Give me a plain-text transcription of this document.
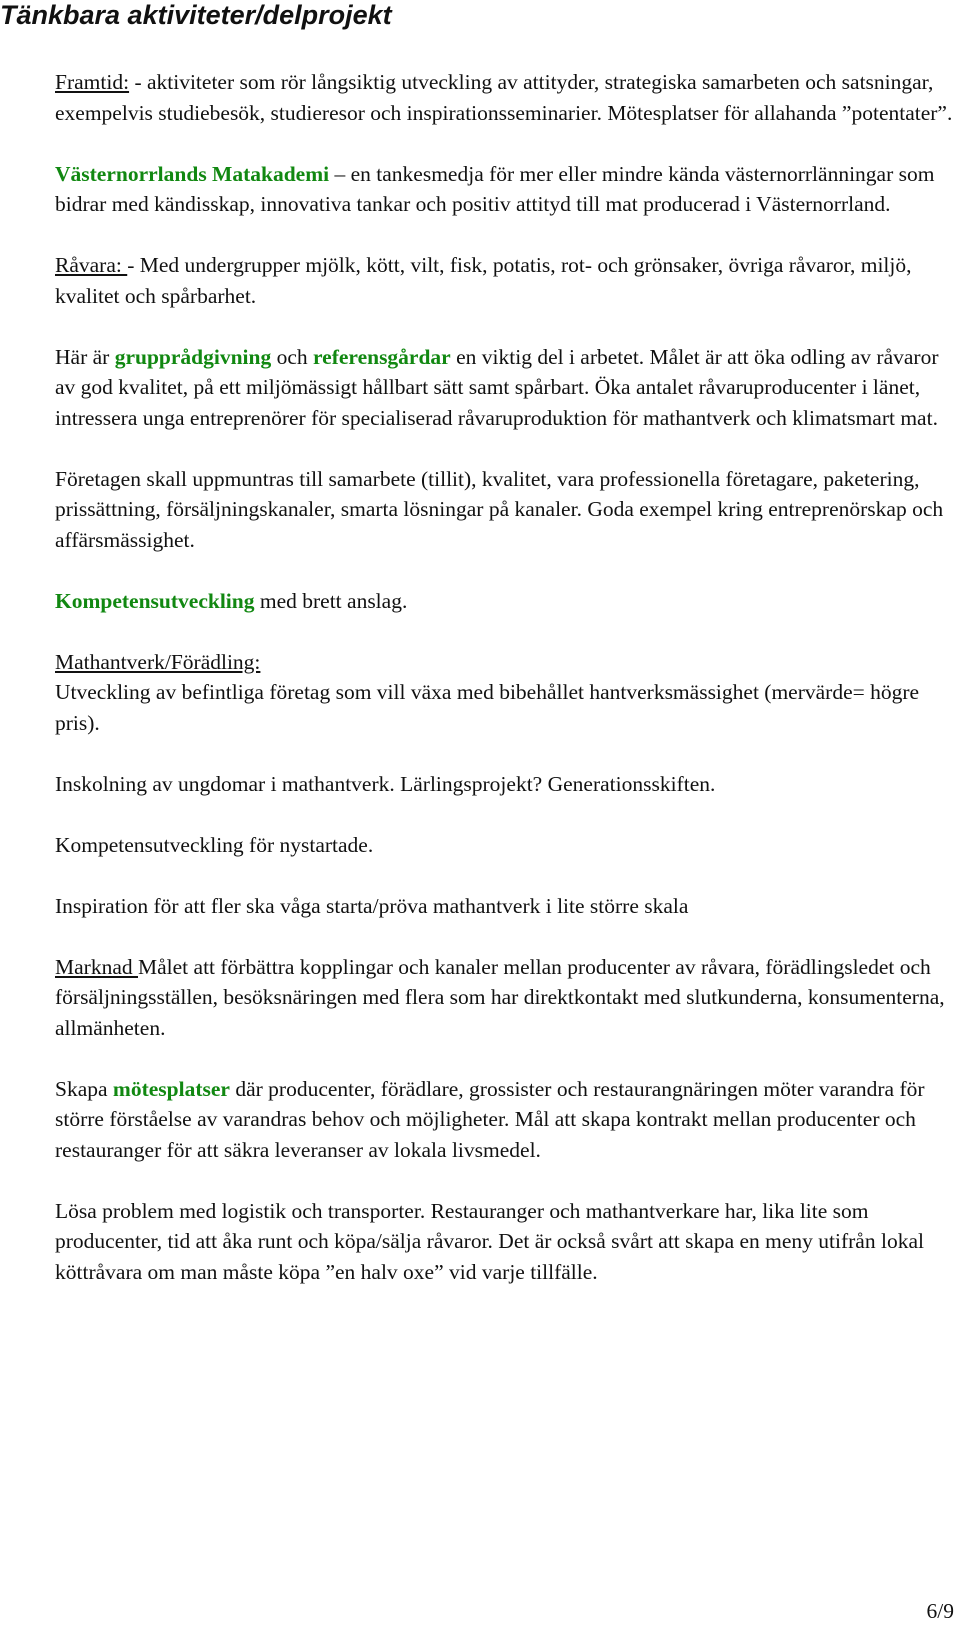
Tänkbara aktiviteter/delprojekt

Framtid: - aktiviteter som rör långsiktig utveckling av attityder, strategiska samarbeten och satsningar, exempelvis studiebesök, studieresor och inspirationsseminarier. Mötesplatser för allahanda ”potentater”.

Västernorrlands Matakademi – en tankesmedja för mer eller mindre kända västernorrlänningar som bidrar med kändisskap, innovativa tankar och positiv attityd till mat producerad i Västernorrland.

Råvara: - Med undergrupper mjölk, kött, vilt, fisk, potatis, rot- och grönsaker, övriga råvaror, miljö, kvalitet och spårbarhet.

Här är grupprådgivning och referensgårdar en viktig del i arbetet. Målet är att öka odling av råvaror av god kvalitet, på ett miljömässigt hållbart sätt samt spårbart. Öka antalet råvaruproducenter i länet, intressera unga entreprenörer för specialiserad råvaruproduktion för mathantverk och klimatsmart mat.

Företagen skall uppmuntras till samarbete (tillit), kvalitet, vara professionella företagare, paketering, prissättning, försäljningskanaler, smarta lösningar på kanaler. Goda exempel kring entreprenörskap och affärsmässighet.

Kompetensutveckling med brett anslag.

Mathantverk/Förädling:
Utveckling av befintliga företag som vill växa med bibehållet hantverksmässighet (mervärde= högre pris).

Inskolning av ungdomar i mathantverk. Lärlingsprojekt? Generationsskiften.

Kompetensutveckling för nystartade.

Inspiration för att fler ska våga starta/pröva mathantverk i lite större skala

Marknad Målet att förbättra kopplingar och kanaler mellan producenter av råvara, förädlingsledet och försäljningsställen, besöksnäringen med flera som har direktkontakt med slutkunderna, konsumenterna, allmänheten.

Skapa mötesplatser där producenter, förädlare, grossister och restaurangnäringen möter varandra för större förståelse av varandras behov och möjligheter. Mål att skapa kontrakt mellan producenter och restauranger för att säkra leveranser av lokala livsmedel.

Lösa problem med logistik och transporter. Restauranger och mathantverkare har, lika lite som producenter, tid att åka runt och köpa/sälja råvaror. Det är också svårt att skapa en meny utifrån lokal köttråvara om man måste köpa ”en halv oxe” vid varje tillfälle.

6/9
